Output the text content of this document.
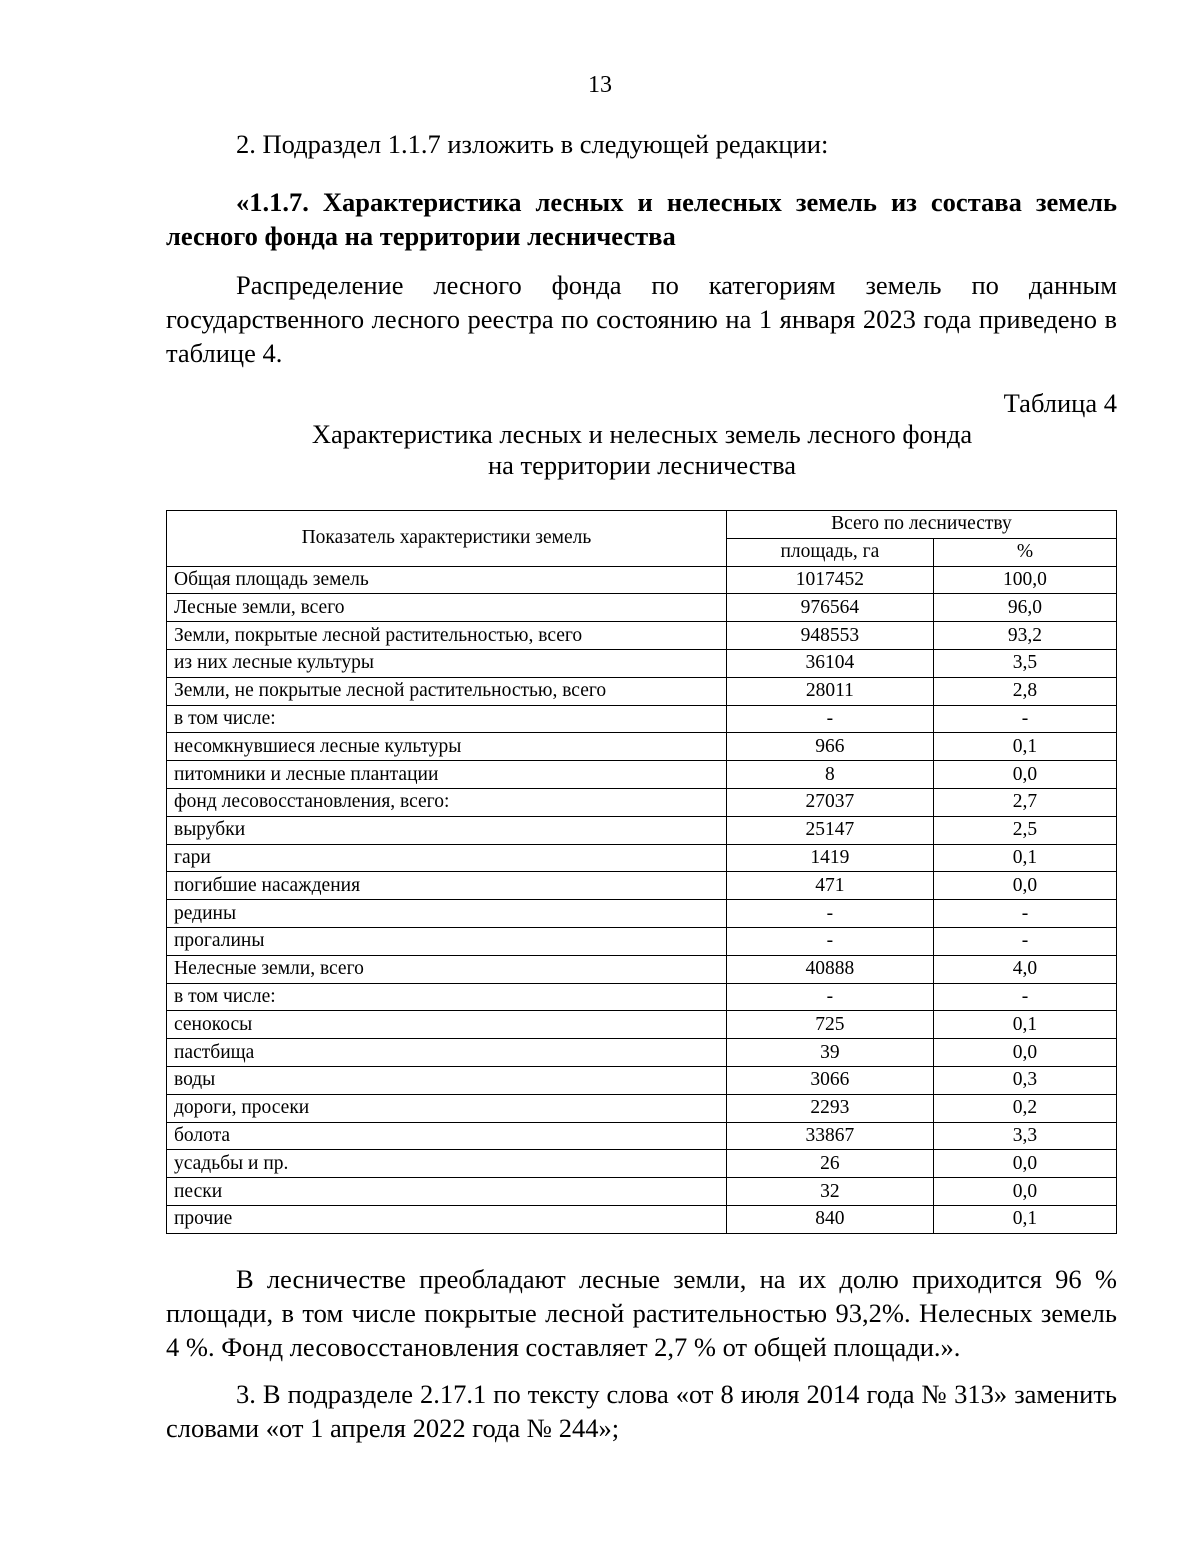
13
2. Подраздел 1.1.7 изложить в следующей редакции:
«1.1.7. Характеристика лесных и нелесных земель из состава земель лесного фонда на территории лесничества
Распределение лесного фонда по категориям земель по данным государственного лесного реестра по состоянию на 1 января 2023 года приведено в таблице 4.
Таблица 4
Характеристика лесных и нелесных земель лесного фонда
на территории лесничества
Показатель характеристики земель	Всего по лесничеству	
	площадь, га	%
Общая площадь земель	1017452	100,0
Лесные земли, всего	976564	96,0
Земли, покрытые лесной растительностью, всего	948553	93,2
из них лесные культуры	36104	3,5
Земли, не покрытые лесной растительностью, всего	28011	2,8
в том числе:	-	-
несомкнувшиеся лесные культуры	966	0,1
питомники и лесные плантации	8	0,0
фонд лесовосстановления, всего:	27037	2,7
вырубки	25147	2,5
гари	1419	0,1
погибшие насаждения	471	0,0
редины	-	-
прогалины	-	-
Нелесные земли, всего	40888	4,0
в том числе:	-	-
сенокосы	725	0,1
пастбища	39	0,0
воды	3066	0,3
дороги, просеки	2293	0,2
болота	33867	3,3
усадьбы и пр.	26	0,0
пески	32	0,0
прочие	840	0,1
В лесничестве преобладают лесные земли, на их долю приходится 96 % площади, в том числе покрытые лесной растительностью 93,2%. Нелесных земель 4 %. Фонд лесовосстановления составляет 2,7 % от общей площади.».
3. В подразделе 2.17.1 по тексту слова «от 8 июля 2014 года № 313» заменить словами «от 1 апреля 2022 года № 244»;
